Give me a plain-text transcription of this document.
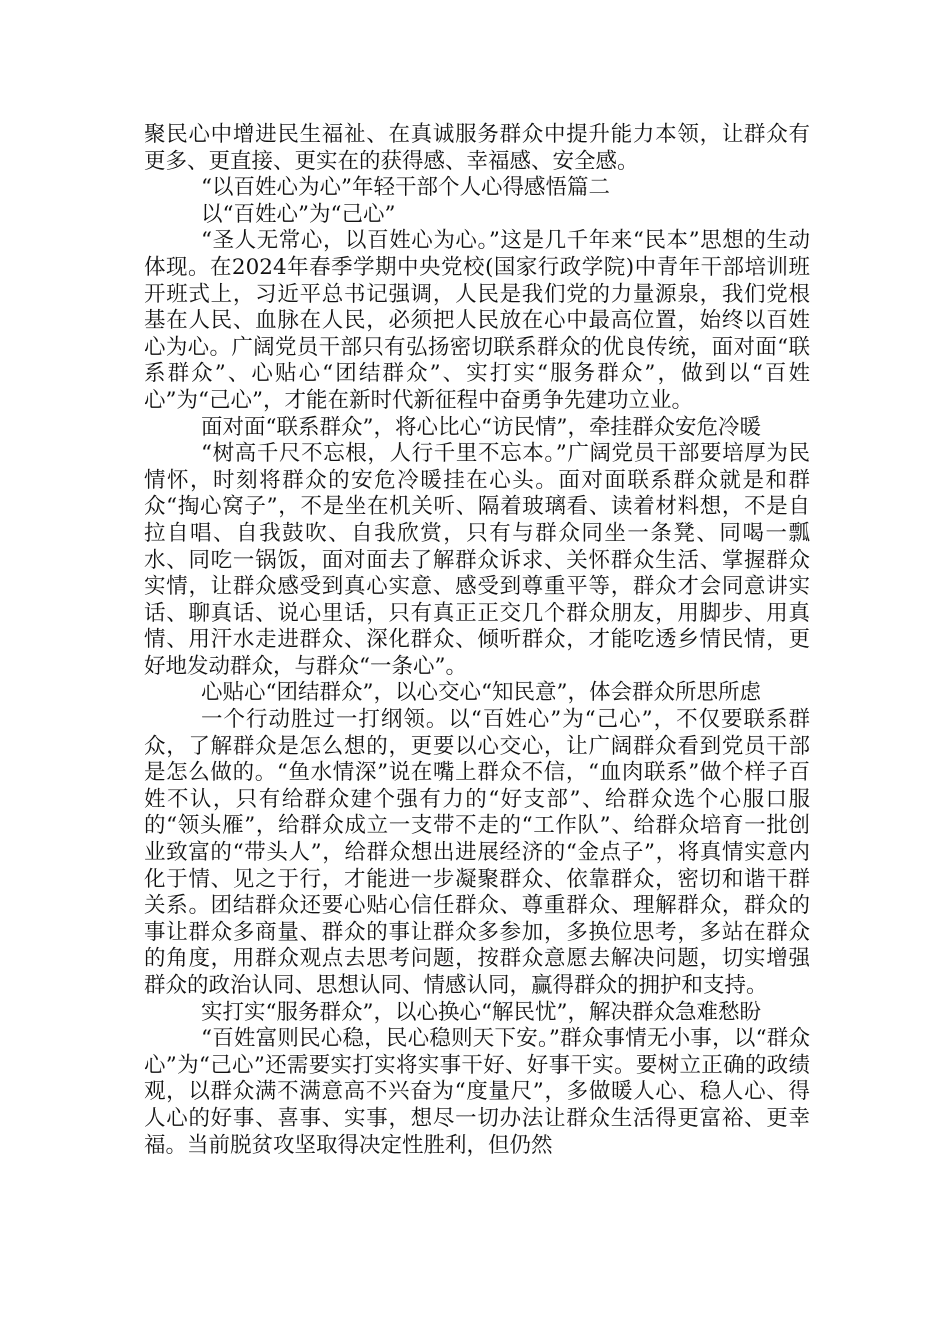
聚民心中增进民生福祉、在真诚服务群众中提升能力本领，让群众有更多、更直接、更实在的获得感、幸福感、安全感。

“以百姓心为心”年轻干部个人心得感悟篇二

以“百姓心”为“己心”

“圣人无常心，以百姓心为心。”这是几千年来“民本”思想的生动体现。在2024年春季学期中央党校(国家行政学院)中青年干部培训班开班式上，习近平总书记强调，人民是我们党的力量源泉，我们党根基在人民、血脉在人民，必须把人民放在心中最高位置，始终以百姓心为心。广阔党员干部只有弘扬密切联系群众的优良传统，面对面“联系群众”、心贴心“团结群众”、实打实“服务群众”，做到以“百姓心”为“己心”，才能在新时代新征程中奋勇争先建功立业。

面对面“联系群众”，将心比心“访民情”，牵挂群众安危冷暖

“树高千尺不忘根，人行千里不忘本。”广阔党员干部要培厚为民情怀，时刻将群众的安危冷暖挂在心头。面对面联系群众就是和群众“掏心窝子”，不是坐在机关听、隔着玻璃看、读着材料想，不是自拉自唱、自我鼓吹、自我欣赏，只有与群众同坐一条凳、同喝一瓢水、同吃一锅饭，面对面去了解群众诉求、关怀群众生活、掌握群众实情，让群众感受到真心实意、感受到尊重平等，群众才会同意讲实话、聊真话、说心里话，只有真正正交几个群众朋友，用脚步、用真情、用汗水走进群众、深化群众、倾听群众，才能吃透乡情民情，更好地发动群众，与群众“一条心”。

心贴心“团结群众”，以心交心“知民意”，体会群众所思所虑

一个行动胜过一打纲领。以“百姓心”为“己心”，不仅要联系群众，了解群众是怎么想的，更要以心交心，让广阔群众看到党员干部是怎么做的。“鱼水情深”说在嘴上群众不信，“血肉联系”做个样子百姓不认，只有给群众建个强有力的“好支部”、给群众选个心服口服的“领头雁”，给群众成立一支带不走的“工作队”、给群众培育一批创业致富的“带头人”，给群众想出进展经济的“金点子”，将真情实意内化于情、见之于行，才能进一步凝聚群众、依靠群众，密切和谐干群关系。团结群众还要心贴心信任群众、尊重群众、理解群众，群众的事让群众多商量、群众的事让群众多参加，多换位思考，多站在群众的角度，用群众观点去思考问题，按群众意愿去解决问题，切实增强群众的政治认同、思想认同、情感认同，赢得群众的拥护和支持。

实打实“服务群众”，以心换心“解民忧”，解决群众急难愁盼

“百姓富则民心稳，民心稳则天下安。”群众事情无小事，以“群众心”为“己心”还需要实打实将实事干好、好事干实。要树立正确的政绩观，以群众满不满意高不兴奋为“度量尺”，多做暖人心、稳人心、得人心的好事、喜事、实事，想尽一切办法让群众生活得更富裕、更幸福。当前脱贫攻坚取得决定性胜利，但仍然
